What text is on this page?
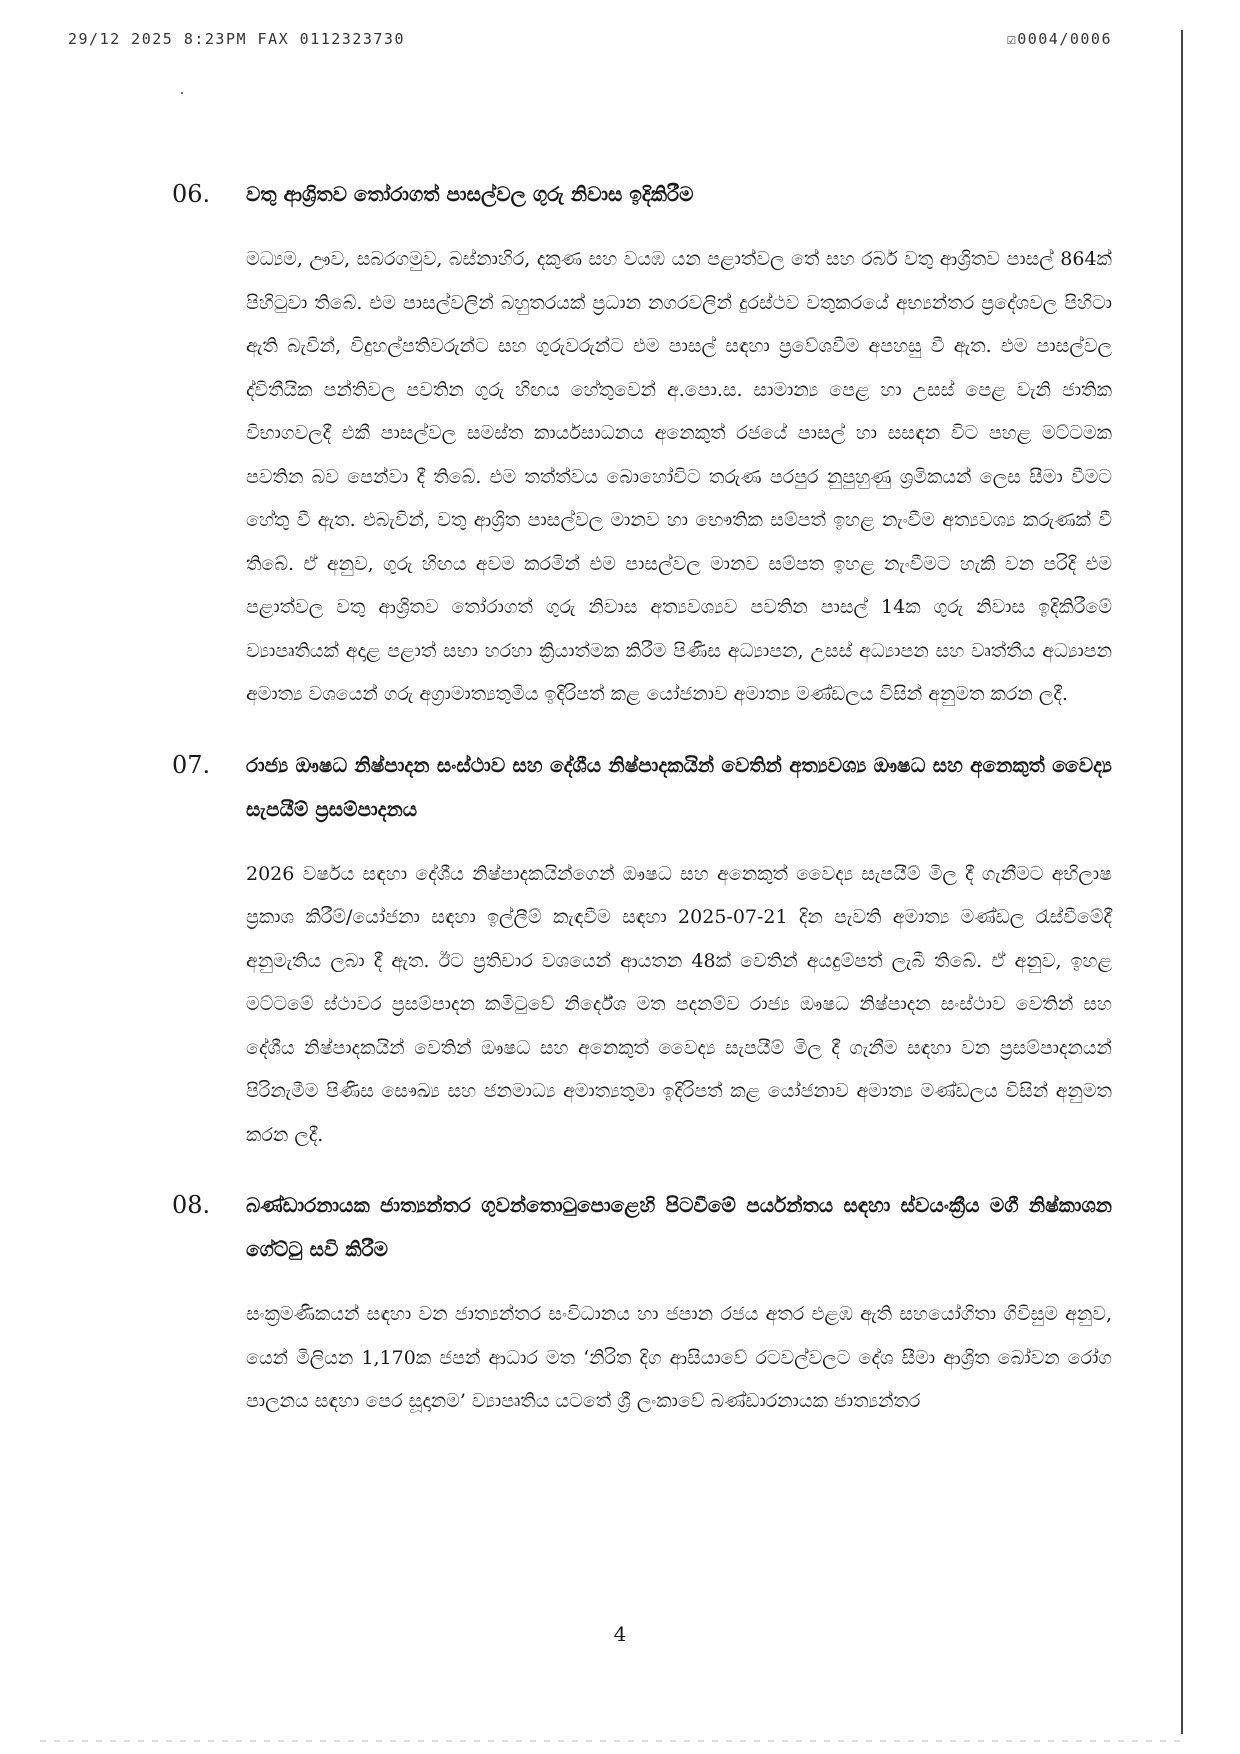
29/12 2025 8:23PM FAX 0112323730	☑0004/0006
06.	වතු ආශ්‍රිතව තෝරාගත් පාසල්වල ගුරු නිවාස ඉදිකිරීම
මධ්‍යම, ඌව, සබරගමුව, බස්නාහිර, දකුණ සහ වයඹ යන පළාත්වල තේ සහ රබර් වතු ආශ්‍රිතව පාසල් 864ක් පිහිටුවා තිබේ. එම පාසල්වලින් බහුතරයක් ප්‍රධාන නගරවලින් දුරස්ථව වතුකරයේ අභ්‍යන්තර ප්‍රදේශවල පිහිටා ඇති බැවින්, විදුහල්පතිවරුන්ට සහ ගුරුවරුන්ට එම පාසල් සඳහා ප්‍රවේශවීම අපහසු වී ඇත. එම පාසල්වල ද්විතීයික පන්තිවල පවතින ගුරු හිඟය හේතුවෙන් අ.පො.ස. සාමාන්‍ය පෙළ හා උසස් පෙළ වැනි ජාතික විභාගවලදී එකී පාසල්වල සමස්ත කාර්යසාධනය අනෙකුත් රජයේ පාසල් හා සසඳන විට පහළ මට්ටමක පවතින බව පෙන්වා දී තිබේ. එම තත්ත්වය බොහෝවිට තරුණ පරපුර නුපුහුණු ශ්‍රමිකයන් ලෙස සීමා වීමට හේතු වී ඇත. එබැවින්, වතු ආශ්‍රිත පාසල්වල මානව හා භෞතික සම්පත් ඉහළ නැංවීම අත්‍යවශ්‍ය කරුණක් වී තිබේ. ඒ අනුව, ගුරු හිඟය අවම කරමින් එම පාසල්වල මානව සම්පත ඉහළ නැංවීමට හැකි වන පරිදි එම පළාත්වල වතු ආශ්‍රිතව තෝරාගත් ගුරු නිවාස අත්‍යවශ්‍යව පවතින පාසල් 14ක ගුරු නිවාස ඉදිකිරීමේ ව්‍යාපෘතියක් අදාළ පළාත් සභා හරහා ක්‍රියාත්මක කිරීම පිණිස අධ්‍යාපන, උසස් අධ්‍යාපන සහ වෘත්තීය අධ්‍යාපන අමාත්‍ය වශයෙන් ගරු අග්‍රාමාත්‍යතුමිය ඉදිරිපත් කළ යෝජනාව අමාත්‍ය මණ්ඩලය විසින් අනුමත කරන ලදී.
07.	රාජ්‍ය ඖෂධ නිෂ්පාදන සංස්ථාව සහ දේශීය නිෂ්පාදකයින් වෙතින් අත්‍යවශ්‍ය ඖෂධ සහ අනෙකුත් වෛද්‍ය සැපයීම් ප්‍රසම්පාදනය
2026 වර්ෂය සඳහා දේශීය නිෂ්පාදකයින්ගෙන් ඖෂධ සහ අනෙකුත් වෛද්‍ය සැපයීම් මිල දී ගැනීමට අභිලාෂ ප්‍රකාශ කිරීම්/යෝජනා සඳහා ඉල්ලීම් කැඳවීම සඳහා 2025-07-21 දින පැවති අමාත්‍ය මණ්ඩල රැස්වීමේදී අනුමැතිය ලබා දී ඇත. ඊට ප්‍රතිචාර වශයෙන් ආයතන 48ක් වෙතින් අයදුම්පත් ලැබී තිබේ. ඒ අනුව, ඉහළ මට්ටමේ ස්ථාවර ප්‍රසම්පාදන කමිටුවේ නිර්දේශ මත පදනම්ව රාජ්‍ය ඖෂධ නිෂ්පාදන සංස්ථාව වෙතින් සහ දේශීය නිෂ්පාදකයින් වෙතින් ඖෂධ සහ අනෙකුත් වෛද්‍ය සැපයීම් මිල දී ගැනීම සඳහා වන ප්‍රසම්පාදනයන් පිරිනැමීම පිණිස සෞඛ්‍ය සහ ජනමාධ්‍ය අමාත්‍යතුමා ඉදිරිපත් කළ යෝජනාව අමාත්‍ය මණ්ඩලය විසින් අනුමත කරන ලදී.
08.	බණ්ඩාරනායක ජාත්‍යන්තර ගුවන්තොටුපොළෙහි පිටවීමේ පර්යන්තය සඳහා ස්වයංක්‍රීය මගී නිෂ්කාශන ගේට්ටු සවි කිරීම
සංක්‍රමණිකයන් සඳහා වන ජාත්‍යන්තර සංවිධානය හා ජපාන රජය අතර එළඹ ඇති සහයෝගිතා ගිවිසුම අනුව, යෙන් මිලියන 1,170ක ජපන් ආධාර මත ‘නිරිත දිග ආසියාවේ රටවල්වලට දේශ සීමා ආශ්‍රිත බෝවන රෝග පාලනය සඳහා පෙර සූදානම’ ව්‍යාපෘතිය යටතේ ශ්‍රී ලංකාවේ බණ්ඩාරනායක ජාත්‍යන්තර
4
